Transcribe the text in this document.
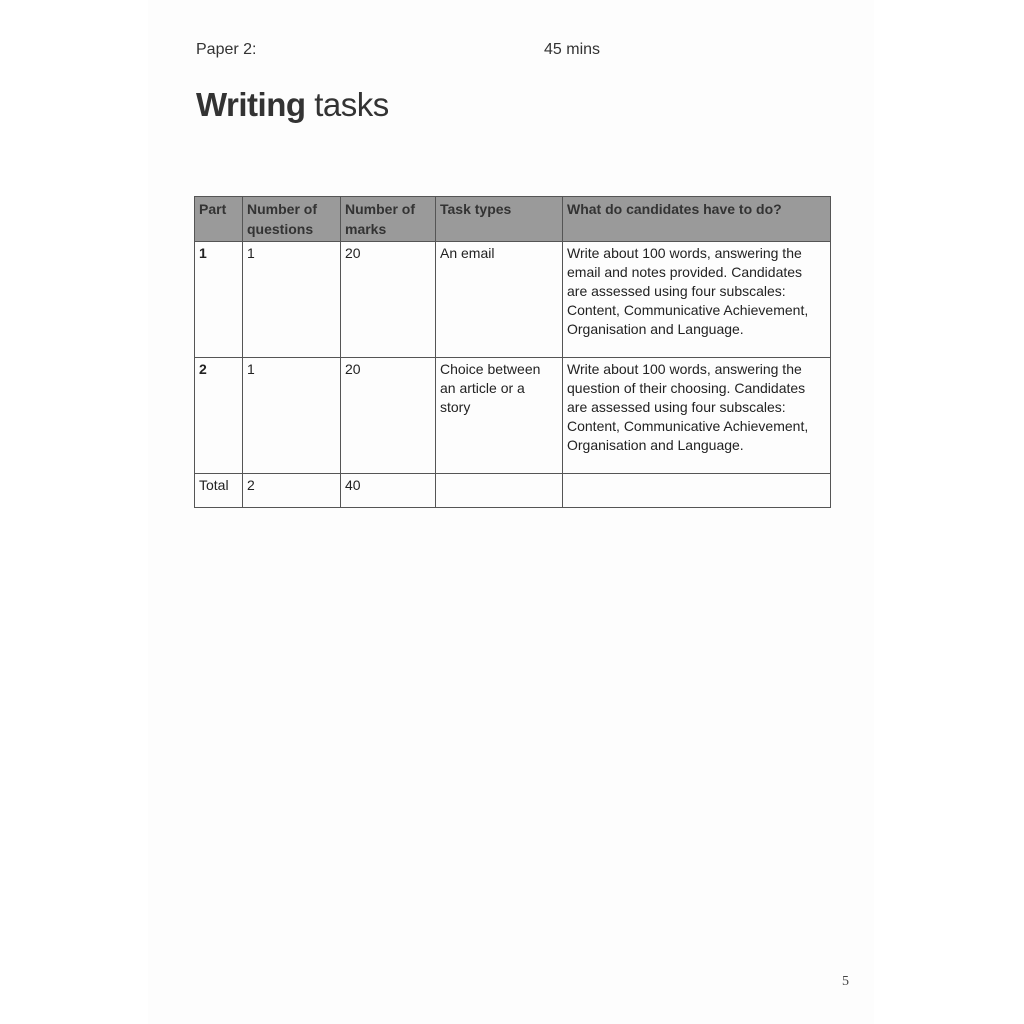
Paper 2:	45 mins
Writing tasks
Part	Number of questions	Number of marks	Task types	What do candidates have to do?
1	1	20	An email	Write about 100 words, answering the email and notes provided. Candidates are assessed using four subscales: Content, Communicative Achievement, Organisation and Language.
2	1	20	Choice between an article or a story	Write about 100 words, answering the question of their choosing. Candidates are assessed using four subscales: Content, Communicative Achievement, Organisation and Language.
Total	2	40		
5
